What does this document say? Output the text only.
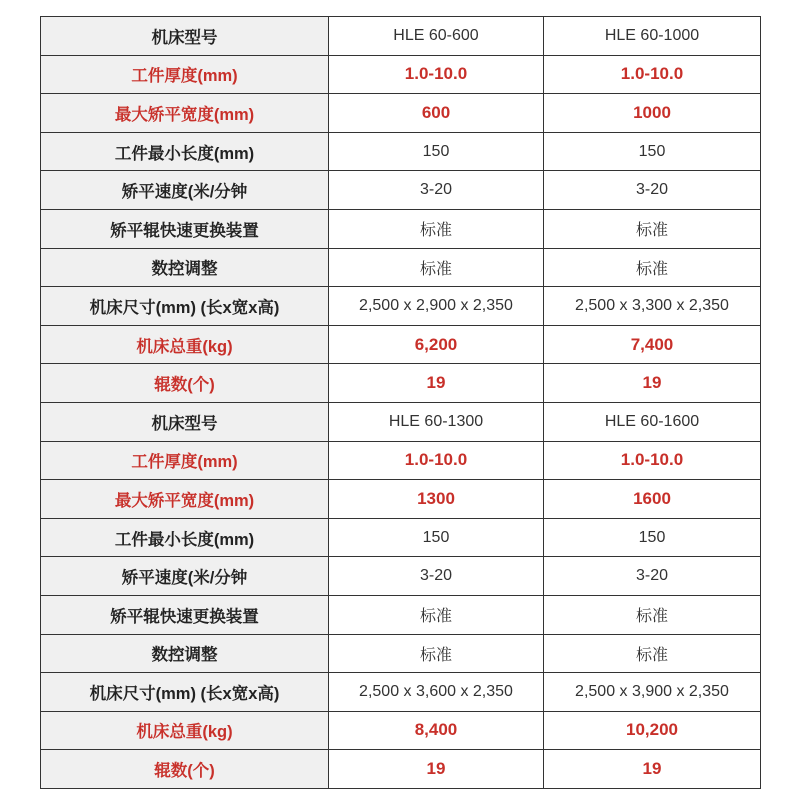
机床型号	HLE 60-600	HLE 60-1000
工件厚度(mm)	1.0-10.0	1.0-10.0
最大矫平宽度(mm)	600	1000
工件最小长度(mm)	150	150
矫平速度(米/分钟	3-20	3-20
矫平辊快速更换装置	标准	标准
数控调整	标准	标准
机床尺寸(mm) (长x宽x高)	2,500 x 2,900 x 2,350	2,500 x 3,300 x 2,350
机床总重(kg)	6,200	7,400
辊数(个)	19	19
机床型号	HLE 60-1300	HLE 60-1600
工件厚度(mm)	1.0-10.0	1.0-10.0
最大矫平宽度(mm)	1300	1600
工件最小长度(mm)	150	150
矫平速度(米/分钟	3-20	3-20
矫平辊快速更换装置	标准	标准
数控调整	标准	标准
机床尺寸(mm) (长x宽x高)	2,500 x 3,600 x 2,350	2,500 x 3,900 x 2,350
机床总重(kg)	8,400	10,200
辊数(个)	19	19
